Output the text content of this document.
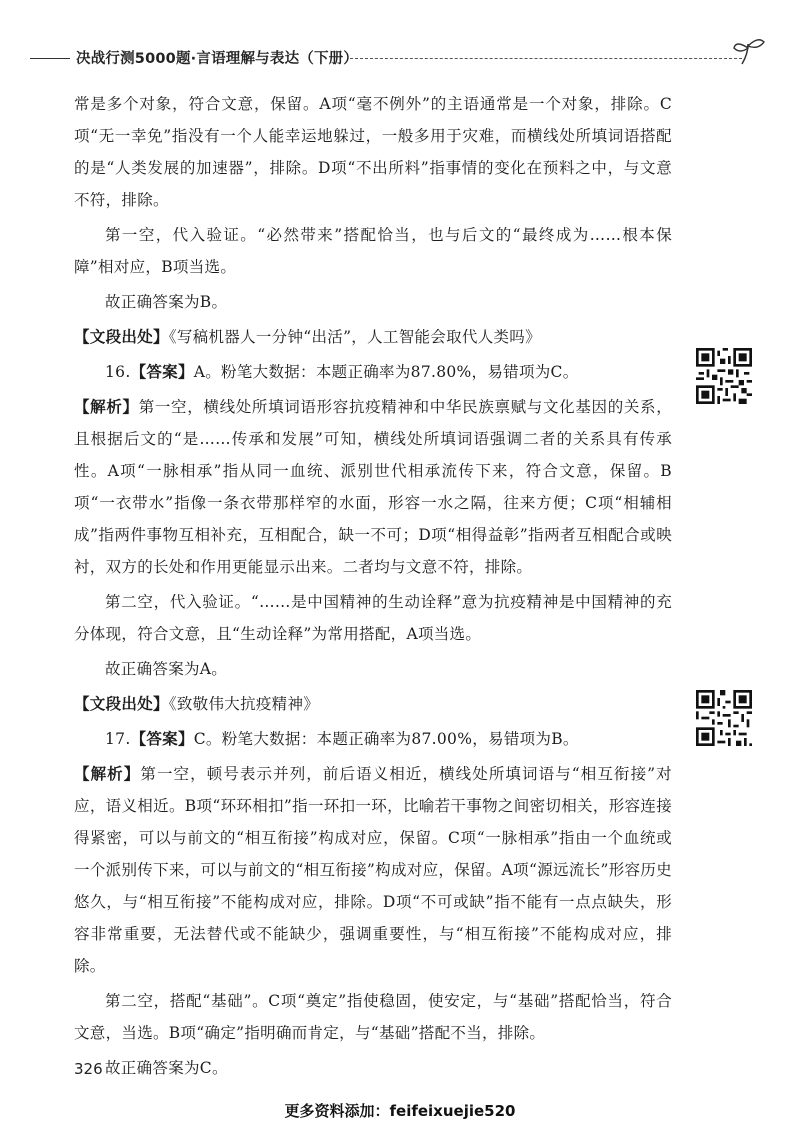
决战行测5000题·言语理解与表达（下册）

常是多个对象，符合文意，保留。A项“毫不例外”的主语通常是一个对象，排除。C项“无一幸免”指没有一个人能幸运地躲过，一般多用于灾难，而横线处所填词语搭配的是“人类发展的加速器”，排除。D项“不出所料”指事情的变化在预料之中，与文意不符，排除。

第一空，代入验证。“必然带来”搭配恰当，也与后文的“最终成为……根本保障”相对应，B项当选。

故正确答案为B。

【文段出处】《写稿机器人一分钟“出活”，人工智能会取代人类吗》

16.【答案】A。粉笔大数据：本题正确率为87.80%，易错项为C。

【解析】第一空，横线处所填词语形容抗疫精神和中华民族禀赋与文化基因的关系，且根据后文的“是……传承和发展”可知，横线处所填词语强调二者的关系具有传承性。A项“一脉相承”指从同一血统、派别世代相承流传下来，符合文意，保留。B项“一衣带水”指像一条衣带那样窄的水面，形容一水之隔，往来方便；C项“相辅相成”指两件事物互相补充，互相配合，缺一不可；D项“相得益彰”指两者互相配合或映衬，双方的长处和作用更能显示出来。二者均与文意不符，排除。

第二空，代入验证。“……是中国精神的生动诠释”意为抗疫精神是中国精神的充分体现，符合文意，且“生动诠释”为常用搭配，A项当选。

故正确答案为A。

【文段出处】《致敬伟大抗疫精神》

17.【答案】C。粉笔大数据：本题正确率为87.00%，易错项为B。

【解析】第一空，顿号表示并列，前后语义相近，横线处所填词语与“相互衔接”对应，语义相近。B项“环环相扣”指一环扣一环，比喻若干事物之间密切相关，形容连接得紧密，可以与前文的“相互衔接”构成对应，保留。C项“一脉相承”指由一个血统或一个派别传下来，可以与前文的“相互衔接”构成对应，保留。A项“源远流长”形容历史悠久，与“相互衔接”不能构成对应，排除。D项“不可或缺”指不能有一点点缺失，形容非常重要，无法替代或不能缺少，强调重要性，与“相互衔接”不能构成对应，排除。

第二空，搭配“基础”。C项“奠定”指使稳固，使安定，与“基础”搭配恰当，符合文意，当选。B项“确定”指明确而肯定，与“基础”搭配不当，排除。

故正确答案为C。

326
更多资料添加：feifeixuejie520
